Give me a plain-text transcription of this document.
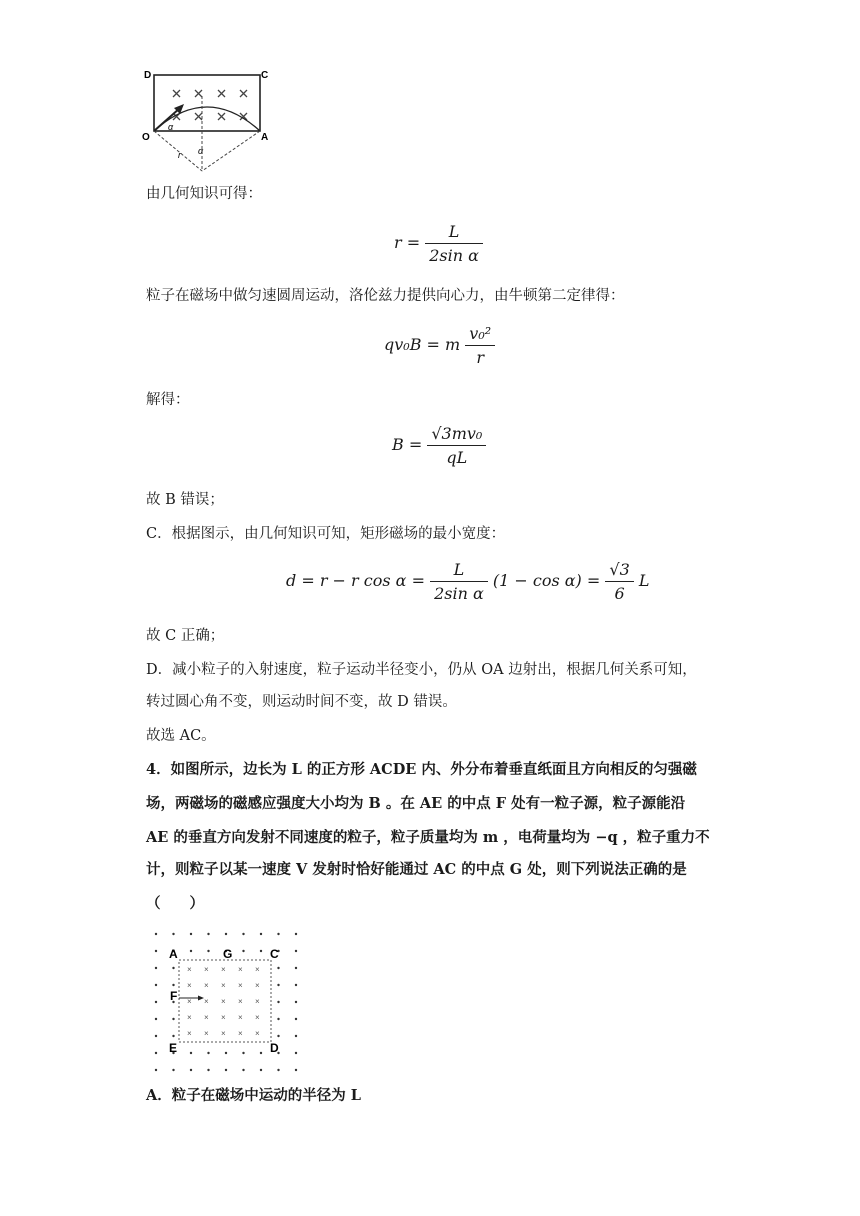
D	C
O	A
α
r α
由几何知识可得：
$r = \frac{L}{\text{2sin α}}$
粒子在磁场中做匀速圆周运动，洛伦兹力提供向心力，由牛顿第二定律得：
qv₀B = m $\frac{\text{v₀²}}{r}$
解得：
$B = \frac{\text{√3mv₀}}{qL}$
故 B 错误；
C．根据图示，由几何知识可知，矩形磁场的最小宽度：
d = r − r $\cos \alpha = \frac{L}{\text{2sin α}} (1 - \cos \alpha) = \frac{√3}{6}$ L
故 C 正确；
D．减小粒子的入射速度，粒子运动半径变小，仍从 OA 边射出，根据几何关系可知，
转过圆心角不变，则运动时间不变，故 D 错误。
故选 AC。
4．如图所示，边长为 L 的正方形 ACDE 内、外分布着垂直纸面且方向相反的匀强磁
场，两磁场的磁感应强度大小均为 B 。在 AE 的中点 F 处有一粒子源，粒子源能沿
AE 的垂直方向发射不同速度的粒子，粒子质量均为 m ，电荷量均为 −q ，粒子重力不
计，则粒子以某一速度 V 发射时恰好能通过 AC 的中点 G 处，则下列说法正确的是
（　　）
×
×
×
×
×
×
×
×
×
×
×
×
×
×
×
×
×
×
×
×
×
×
×
×
×
A	G	C
F
E	D
A．粒子在磁场中运动的半径为 L
